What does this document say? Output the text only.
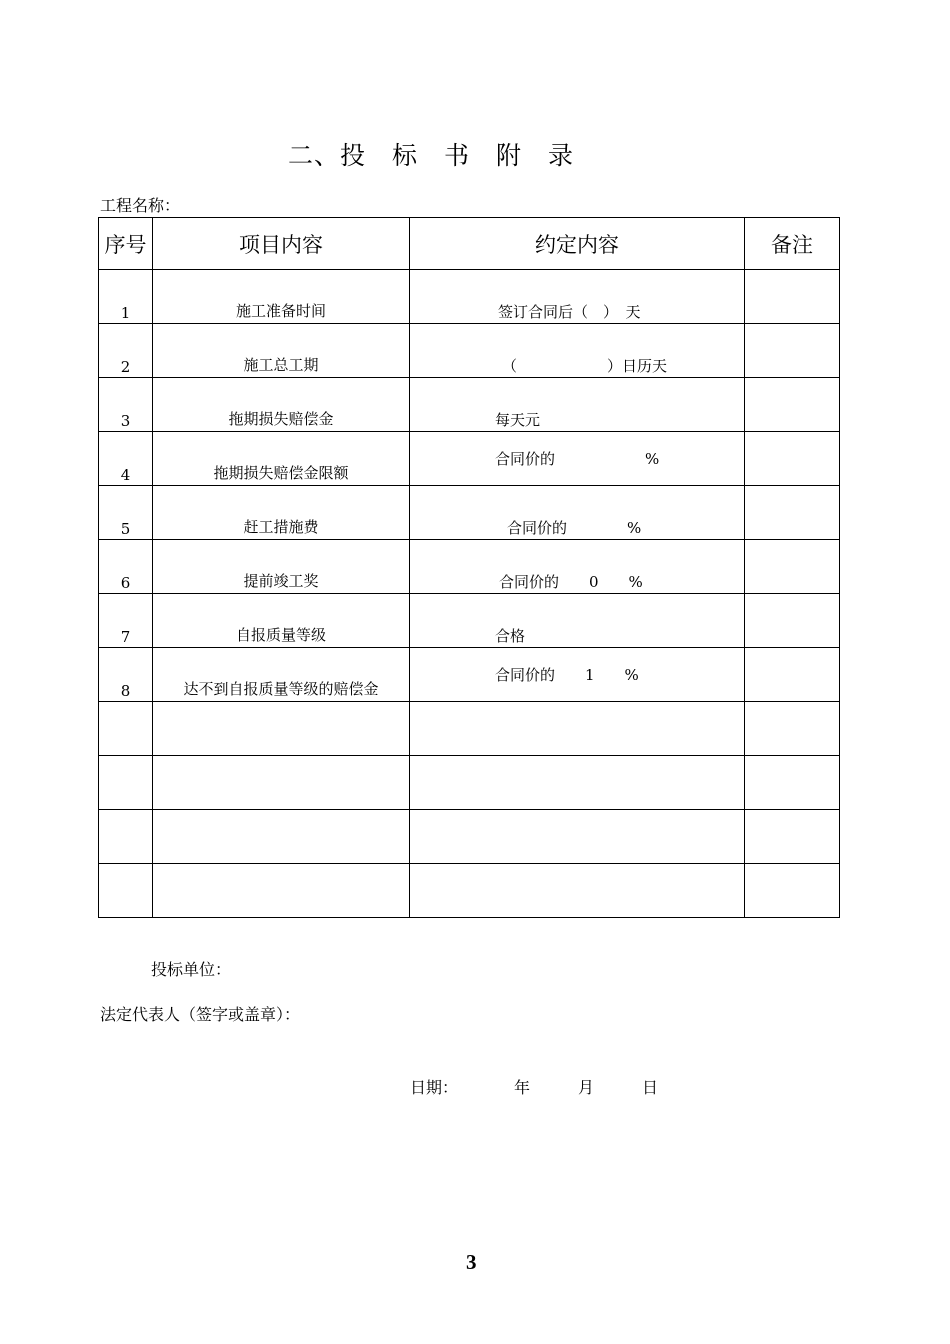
二、投　标　书　附　录
工程名称：
序号	项目内容	约定内容	备注
1	施工准备时间	签订合同后（　）　天	

2	施工总工期	（　　　　　　）日历天	

3	拖期损失赔偿金	每天元	

4	拖期损失赔偿金限额	合同价的　　　　　　%	

5	赶工措施费	合同价的　　　　%	

6	提前竣工奖	合同价的　　0　　%	

7	自报质量等级	合格	

8	达不到自报质量等级的赔偿金	合同价的　　1　　%	

投标单位：
法定代表人（签字或盖章）：
日期：　　　　年　　　月　　　日
3
